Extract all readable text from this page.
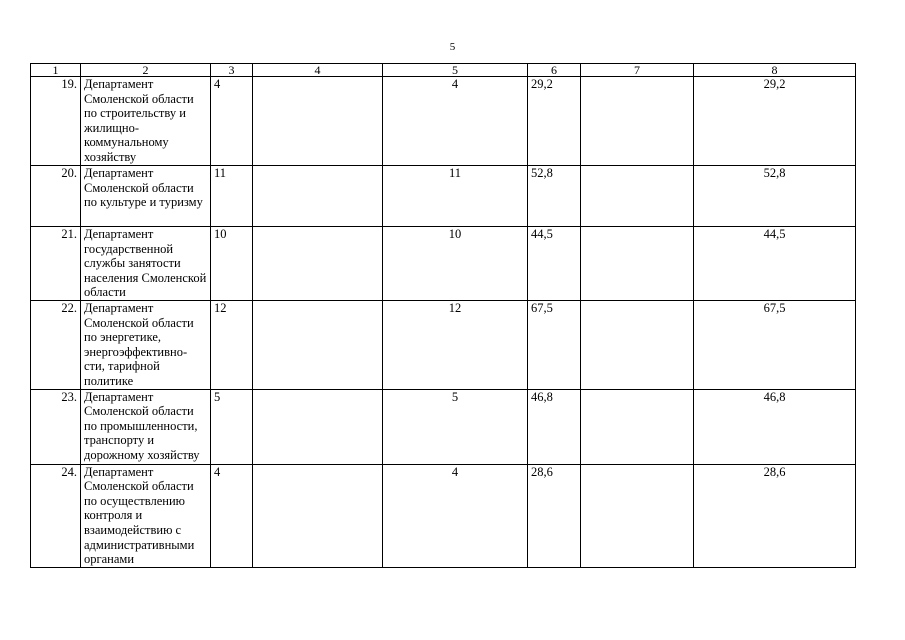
5
1	2	3	4	5	6	7	8
19.	Департамент Смоленской области по строительству и жилищно-коммунальному хозяйству	4		4	29,2		29,2
20.	Департамент Смоленской области по культуре и туризму	11		11	52,8		52,8
21.	Департамент государственной службы занятости населения Смоленской области	10		10	44,5		44,5
22.	Департамент Смоленской области по энергетике, энергоэффективно-сти, тарифной политике	12		12	67,5		67,5
23.	Департамент Смоленской области по промышленности, транспорту и дорожному хозяйству	5		5	46,8		46,8
24.	Департамент Смоленской области по осуществлению контроля и взаимодействию с административными органами	4		4	28,6		28,6
